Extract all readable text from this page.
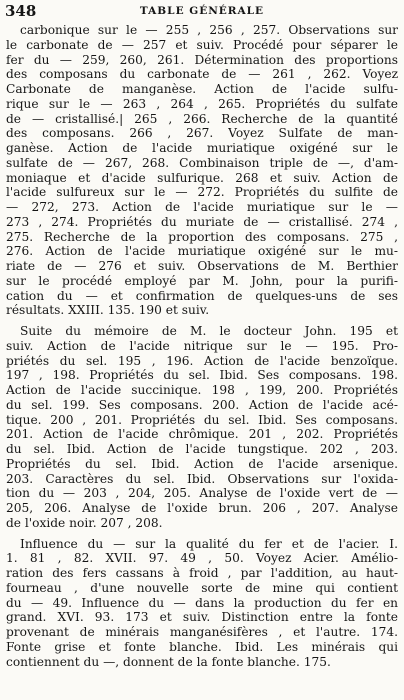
348	TABLE GÉNÉRALE
carbonique sur le — 255 , 256 , 257. Observations sur
le carbonate de — 257 et suiv. Procédé pour séparer le
fer du — 259, 260, 261. Détermination des proportions
des composans du carbonate de — 261 , 262. Voyez
Carbonate de manganèse. Action de l'acide sulfu-
rique sur le — 263 , 264 , 265. Propriétés du sulfate
de — cristallisé.| 265 , 266. Recherche de la quantité
des composans. 266 , 267. Voyez Sulfate de man-
ganèse. Action de l'acide muriatique oxigéné sur le
sulfate de — 267, 268. Combinaison triple de —, d'am-
moniaque et d'acide sulfurique. 268 et suiv. Action de
l'acide sulfureux sur le — 272. Propriétés du sulfite de
— 272, 273. Action de l'acide muriatique sur le —
273 , 274. Propriétés du muriate de — cristallisé. 274 ,
275. Recherche de la proportion des composans. 275 ,
276. Action de l'acide muriatique oxigéné sur le mu-
riate de — 276 et suiv. Observations de M. Berthier
sur le procédé employé par M. John, pour la purifi-
cation du — et confirmation de quelques-uns de ses
résultats. XXIII. 135. 190 et suiv.
Suite du mémoire de M. le docteur John. 195 et
suiv. Action de l'acide nitrique sur le — 195. Pro-
priétés du sel. 195 , 196. Action de l'acide benzoïque.
197 , 198. Propriétés du sel. Ibid. Ses composans. 198.
Action de l'acide succinique. 198 , 199, 200. Propriétés
du sel. 199. Ses composans. 200. Action de l'acide acé-
tique. 200 , 201. Propriétés du sel. Ibid. Ses composans.
201. Action de l'acide chrômique. 201 , 202. Propriétés
du sel. Ibid. Action de l'acide tungstique. 202 , 203.
Propriétés du sel. Ibid. Action de l'acide arsenique.
203. Caractères du sel. Ibid. Observations sur l'oxida-
tion du — 203 , 204, 205. Analyse de l'oxide vert de —
205, 206. Analyse de l'oxide brun. 206 , 207. Analyse
de l'oxide noir. 207 , 208.
Influence du — sur la qualité du fer et de l'acier. I.
1. 81 , 82. XVII. 97. 49 , 50. Voyez Acier. Amélio-
ration des fers cassans à froid , par l'addition, au haut-
fourneau , d'une nouvelle sorte de mine qui contient
du — 49. Influence du — dans la production du fer en
grand. XVI. 93. 173 et suiv. Distinction entre la fonte
provenant de minérais manganésifères , et l'autre. 174.
Fonte grise et fonte blanche. Ibid. Les minérais qui
contiennent du —, donnent de la fonte blanche. 175.
